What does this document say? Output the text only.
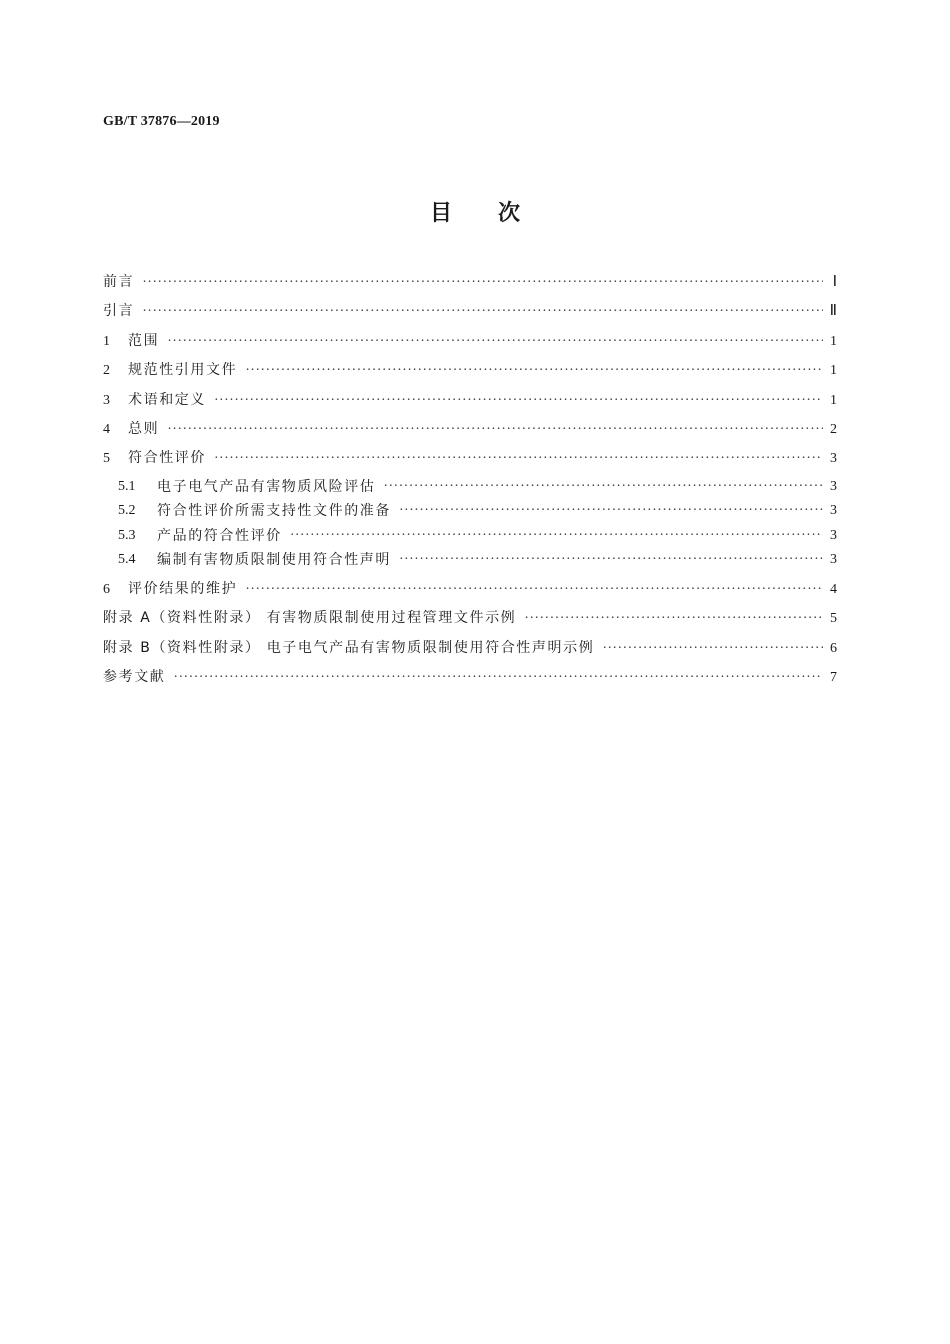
GB/T 37876—2019
目次
前言 ·····	Ⅰ
引言 ·····	Ⅱ
1	范围 ·····	1
2	规范性引用文件 ·····	1
3	术语和定义 ·····	1
4	总则 ·····	2
5	符合性评价 ·····	3
5.1	电子电气产品有害物质风险评估 ·····	3
5.2	符合性评价所需支持性文件的准备 ·····	3
5.3	产品的符合性评价 ·····	3
5.4	编制有害物质限制使用符合性声明 ·····	3
6	评价结果的维护 ·····	4
附录 A（资料性附录） 有害物质限制使用过程管理文件示例 ·····	5
附录 B（资料性附录） 电子电气产品有害物质限制使用符合性声明示例 ·····	6
参考文献 ·····	7
